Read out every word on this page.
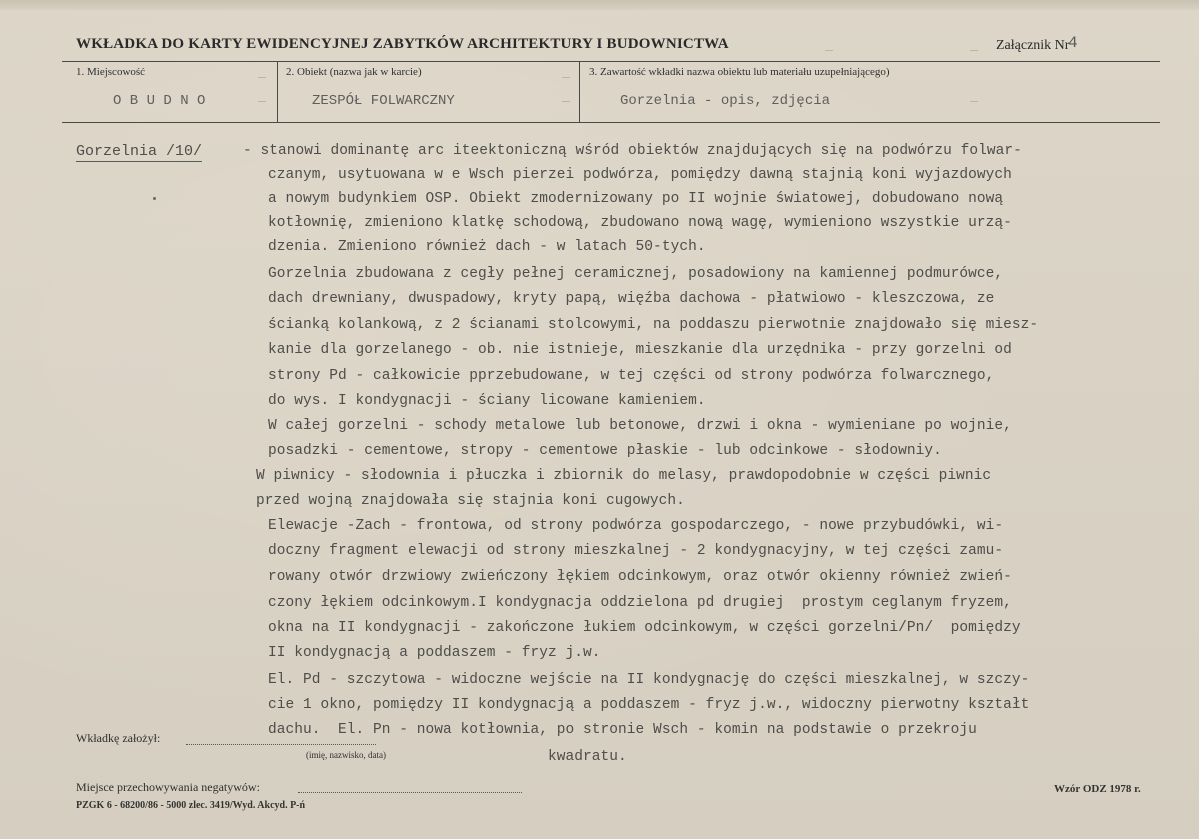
WKŁADKA DO KARTY EWIDENCYJNEJ ZABYTKÓW ARCHITEKTURY I BUDOWNICTWA	Załącznik Nr
4
1. Miejscowość
O B U D N O
2. Obiekt (nazwa jak w karcie)
ZESPÓŁ FOLWARCZNY
3. Zawartość wkładki nazwa obiektu lub materiału uzupełniającego)
Gorzelnia - opis, zdjęcia
Gorzelnia /10/	- stanowi dominantę arc iteektoniczną wśród obiektów znajdujących się na podwórzu folwar-
czanym, usytuowana w e Wsch pierzei podwórza, pomiędzy dawną stajnią koni wyjazdowych
a nowym budynkiem OSP. Obiekt zmodernizowany po II wojnie światowej, dobudowano nową
kotłownię, zmieniono klatkę schodową, zbudowano nową wagę, wymieniono wszystkie urzą-
dzenia. Zmieniono również dach - w latach 50-tych.
Gorzelnia zbudowana z cegły pełnej ceramicznej, posadowiony na kamiennej podmurówce,
dach drewniany, dwuspadowy, kryty papą, więźba dachowa - płatwiowo - kleszczowa, ze
ścianką kolankową, z 2 ścianami stolcowymi, na poddaszu pierwotnie znajdowało się miesz-
kanie dla gorzelanego - ob. nie istnieje, mieszkanie dla urzędnika - przy gorzelni od
strony Pd - całkowicie pprzebudowane, w tej części od strony podwórza folwarcznego,
do wys. I kondygnacji - ściany licowane kamieniem.
W całej gorzelni - schody metalowe lub betonowe, drzwi i okna - wymieniane po wojnie,
posadzki - cementowe, stropy - cementowe płaskie - lub odcinkowe - słodowniy.
W piwnicy - słodownia i płuczka i zbiornik do melasy, prawdopodobnie w części piwnic
przed wojną znajdowała się stajnia koni cugowych.
Elewacje -Zach - frontowa, od strony podwórza gospodarczego, - nowe przybudówki, wi-
doczny fragment elewacji od strony mieszkalnej - 2 kondygnacyjny, w tej części zamu-
rowany otwór drzwiowy zwieńczony łękiem odcinkowym, oraz otwór okienny również zwień-
czony łękiem odcinkowym.I kondygnacja oddzielona pd drugiej  prostym ceglanym fryzem,
okna na II kondygnacji - zakończone łukiem odcinkowym, w części gorzelni/Pn/  pomiędzy
II kondygnacją a poddaszem - fryz j.w.
El. Pd - szczytowa - widoczne wejście na II kondygnację do części mieszkalnej, w szczy-
cie 1 okno, pomiędzy II kondygnacją a poddaszem - fryz j.w., widoczny pierwotny kształt
dachu.  El. Pn - nowa kotłownia, po stronie Wsch - komin na podstawie o przekroju
kwadratu.
Wkładkę założył:
(imię, nazwisko, data)
Miejsce przechowywania negatywów:
PZGK 6 - 68200/86 - 5000 zlec. 3419/Wyd. Akcyd. P-ń
Wzór ODZ 1978 r.
